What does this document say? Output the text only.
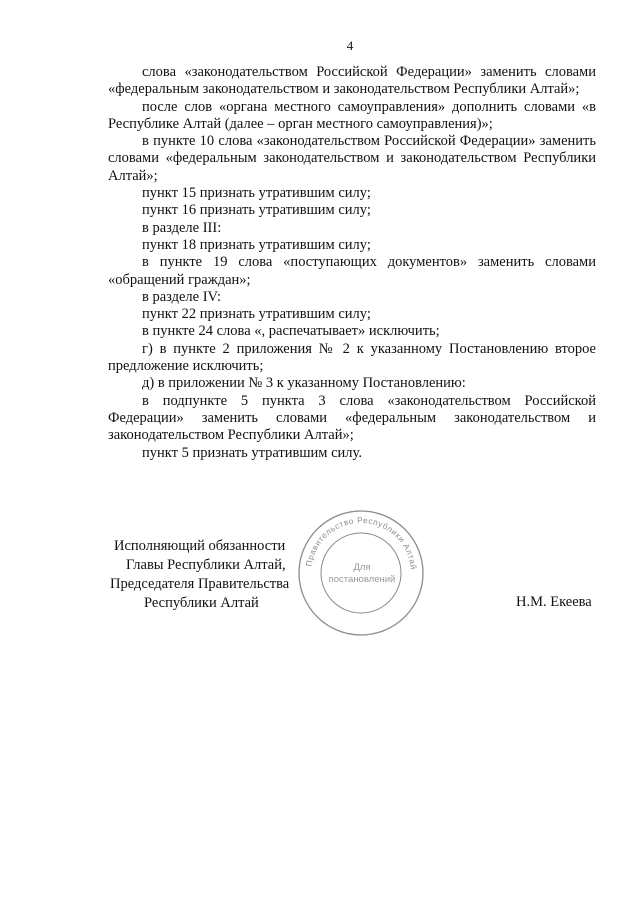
4

слова «законодательством Российской Федерации» заменить словами «федеральным законодательством и законодательством Республики Алтай»;

после слов «органа местного самоуправления» дополнить словами «в Республике Алтай (далее – орган местного самоуправления)»;

в пункте 10 слова «законодательством Российской Федерации» заменить словами «федеральным законодательством и законодательством Республики Алтай»;

пункт 15 признать утратившим силу;

пункт 16 признать утратившим силу;

в разделе III:

пункт 18 признать утратившим силу;

в пункте 19 слова «поступающих документов» заменить словами «обращений граждан»;

в разделе IV:

пункт 22 признать утратившим силу;

в пункте 24 слова «, распечатывает» исключить;

г) в пункте 2 приложения № 2 к указанному Постановлению второе предложение исключить;

д) в приложении № 3 к указанному Постановлению:

в подпункте 5 пункта 3 слова «законодательством Российской Федерации» заменить словами «федеральным законодательством и законодательством Республики Алтай»;

пункт 5 признать утратившим силу.

Исполняющий обязанности
Главы Республики Алтай,
Председателя Правительства
Республики Алтай
Правительство Республики Алтай
Для
постановлений
Н.М. Екеева
